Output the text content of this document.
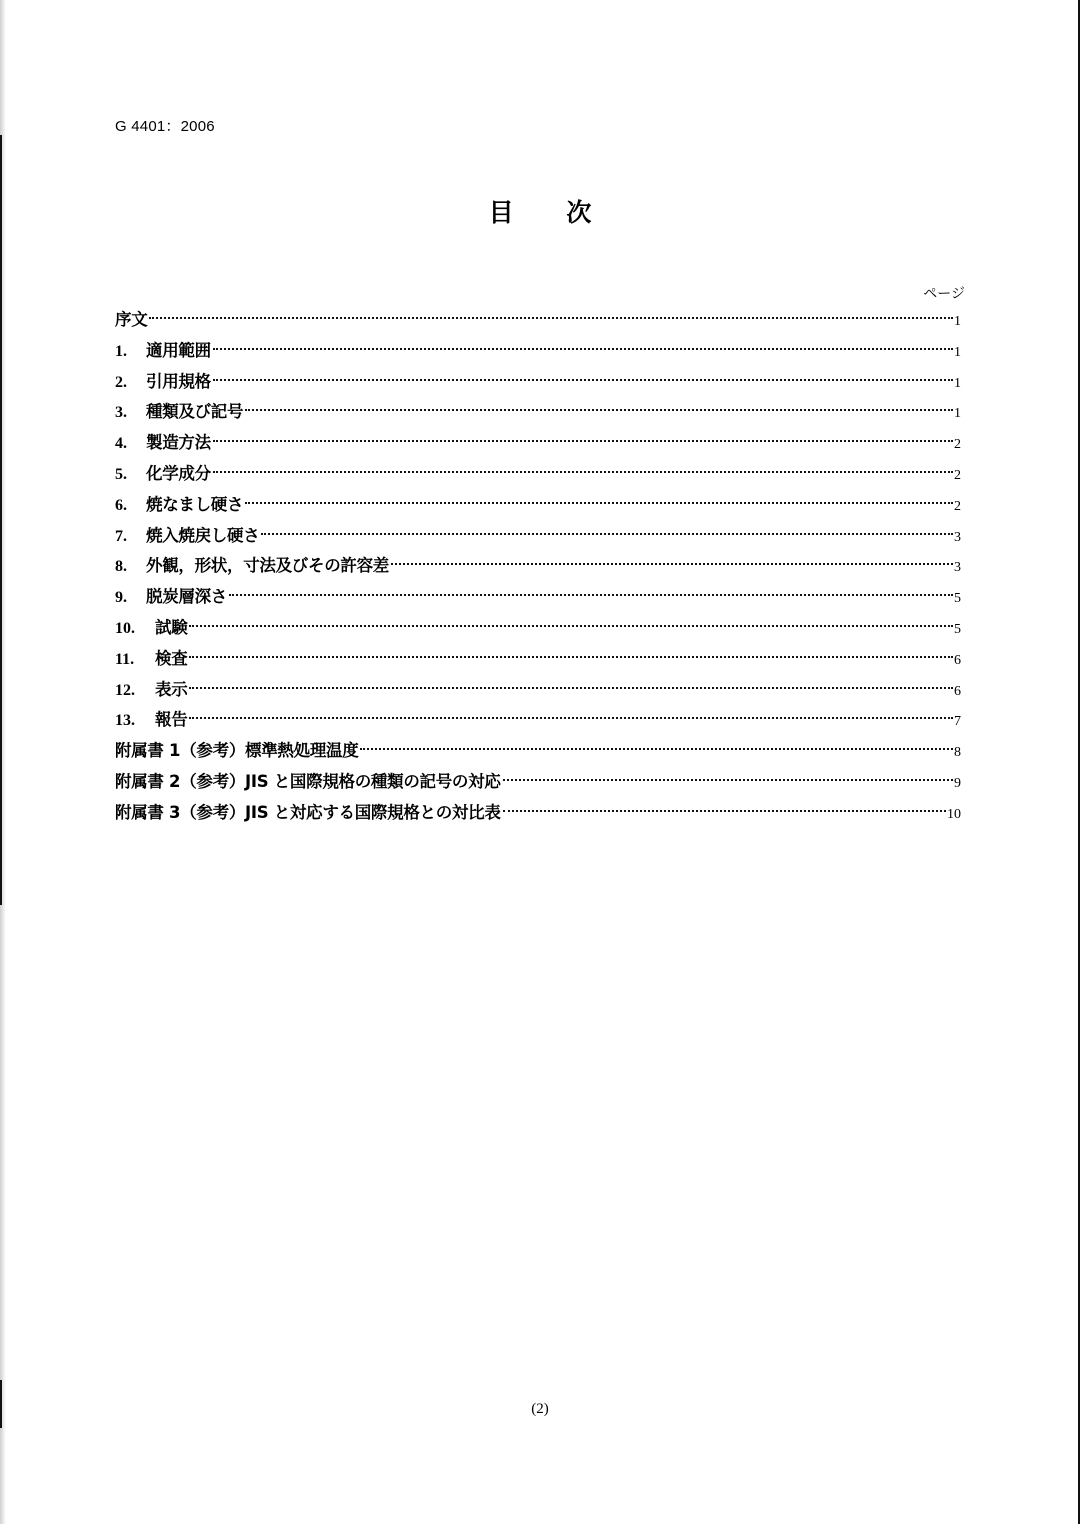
G 4401：2006
目 次
ページ
序文	1
1.	適用範囲	1
2.	引用規格	1
3.	種類及び記号	1
4.	製造方法	2
5.	化学成分	2
6.	焼なまし硬さ	2
7.	焼入焼戻し硬さ	3
8.	外観，形状，寸法及びその許容差	3
9.	脱炭層深さ	5
10.	試験	5
11.	検査	6
12.	表示	6
13.	報告	7
附属書 1（参考）標準熱処理温度	8
附属書 2（参考）JIS と国際規格の種類の記号の対応	9
附属書 3（参考）JIS と対応する国際規格との対比表	10
(2)
